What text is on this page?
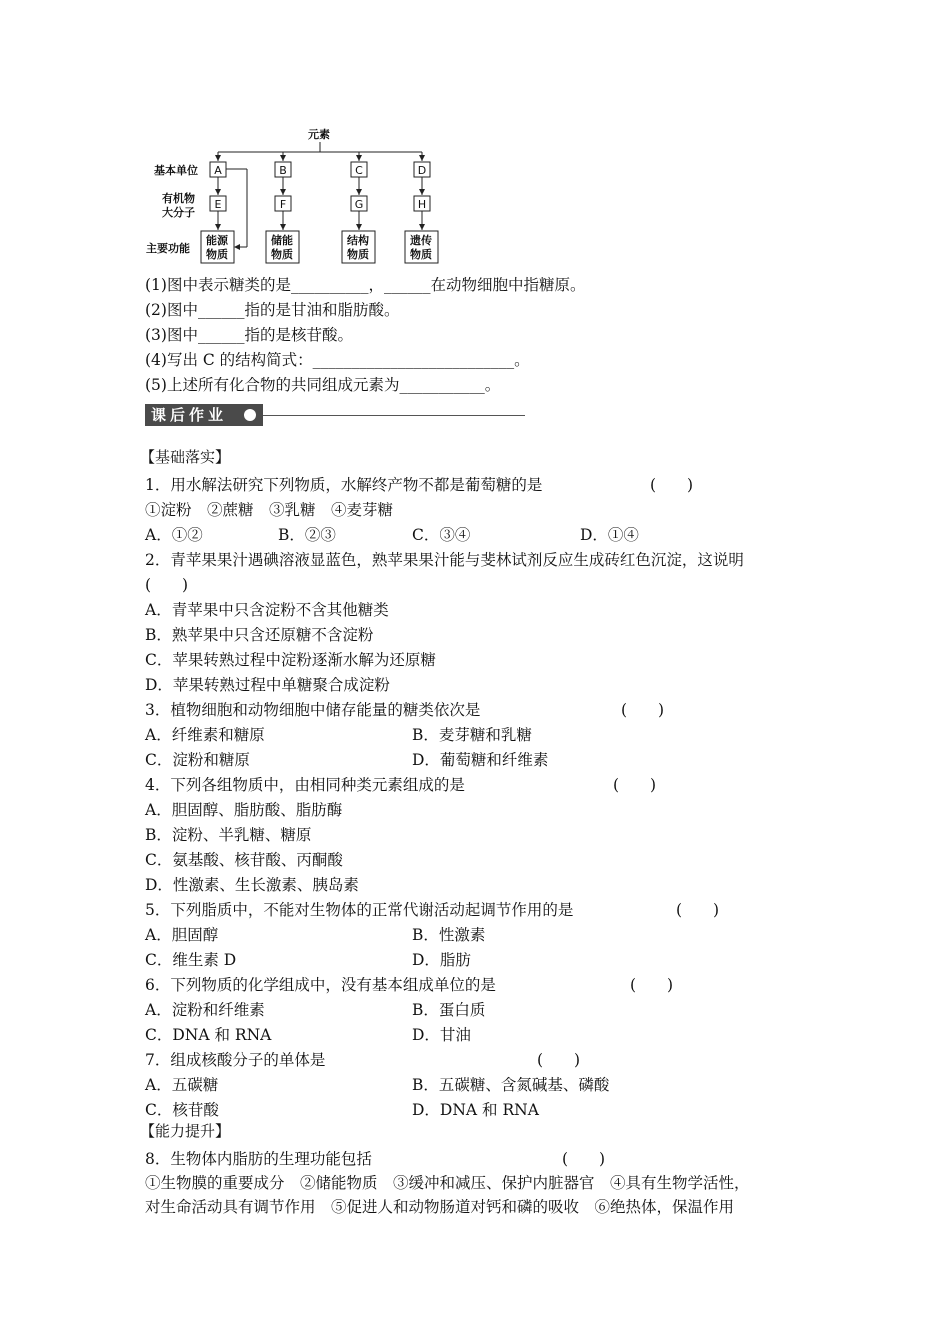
元素
基本单位
有机物
大分子
主要功能
A	B	C	D
E	F	G	H
能源
物质
储能
物质
结构
物质
遗传
物质
(1)图中表示糖类的是__________，______在动物细胞中指糖原。
(2)图中______指的是甘油和脂肪酸。
(3)图中______指的是核苷酸。
(4)写出 C 的结构简式：__________________________。
(5)上述所有化合物的共同组成元素为___________。
课后作业
【基础落实】
1．用水解法研究下列物质，水解终产物不都是葡萄糖的是	(　　)
①淀粉　②蔗糖　③乳糖　④麦芽糖
A．①②	B．②③	C．③④	D．①④
2．青苹果果汁遇碘溶液显蓝色，熟苹果果汁能与斐林试剂反应生成砖红色沉淀，这说明
(　　)
A．青苹果中只含淀粉不含其他糖类
B．熟苹果中只含还原糖不含淀粉
C．苹果转熟过程中淀粉逐渐水解为还原糖
D．苹果转熟过程中单糖聚合成淀粉
3．植物细胞和动物细胞中储存能量的糖类依次是	(　　)
A．纤维素和糖原	B．麦芽糖和乳糖
C．淀粉和糖原	D．葡萄糖和纤维素
4．下列各组物质中，由相同种类元素组成的是	(　　)
A．胆固醇、脂肪酸、脂肪酶
B．淀粉、半乳糖、糖原
C．氨基酸、核苷酸、丙酮酸
D．性激素、生长激素、胰岛素
5．下列脂质中，不能对生物体的正常代谢活动起调节作用的是	(　　)
A．胆固醇	B．性激素
C．维生素 D	D．脂肪
6．下列物质的化学组成中，没有基本组成单位的是	(　　)
A．淀粉和纤维素	B．蛋白质
C．DNA 和 RNA	D．甘油
7．组成核酸分子的单体是	(　　)
A．五碳糖	B．五碳糖、含氮碱基、磷酸
C．核苷酸	D．DNA 和 RNA
【能力提升】
8．生物体内脂肪的生理功能包括	(　　)
①生物膜的重要成分　②储能物质　③缓冲和减压、保护内脏器官　④具有生物学活性，
对生命活动具有调节作用　⑤促进人和动物肠道对钙和磷的吸收　⑥绝热体，保温作用
